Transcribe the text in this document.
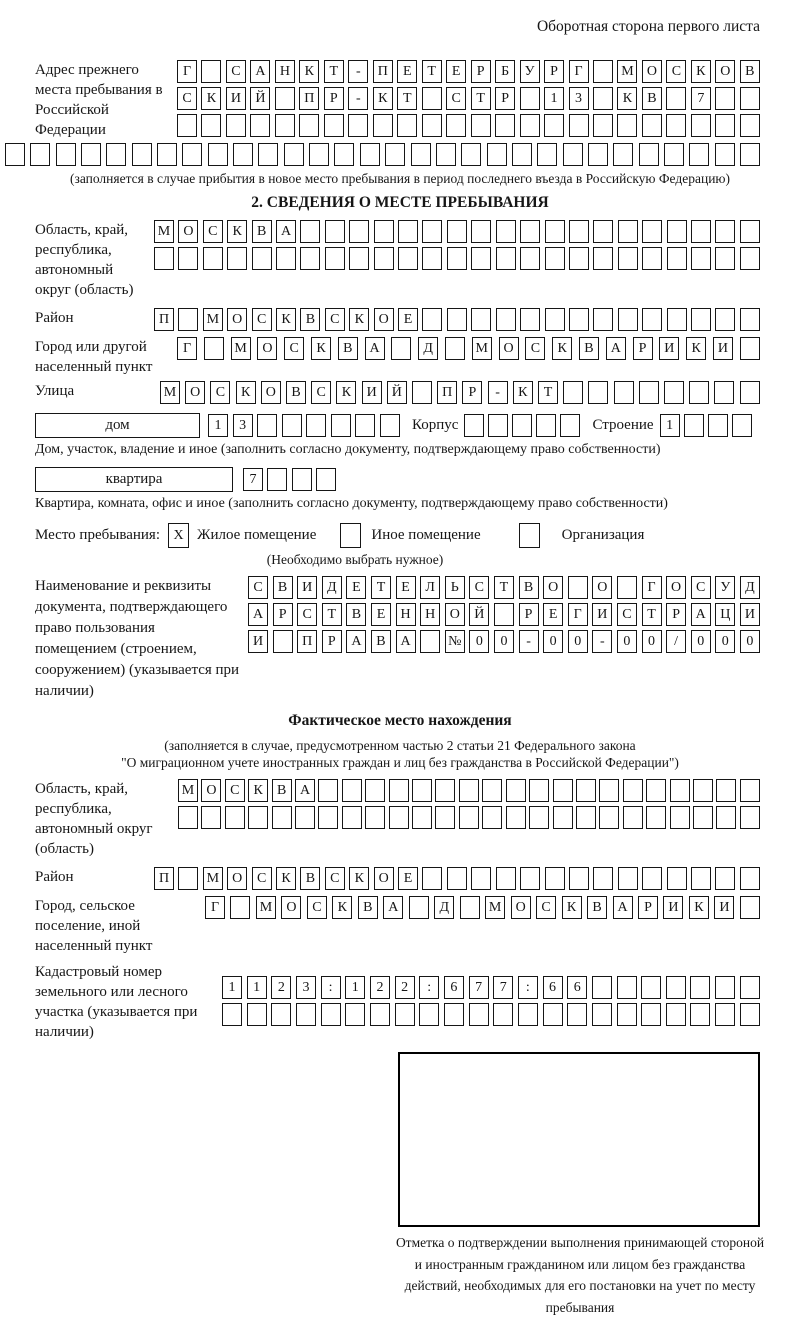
Оборотная сторона первого листа
Адрес прежнего места пребывания в Российской Федерации
Г	С	А	Н	К	Т	-	П	Е	Т	Е	Р	Б	У	Р	Г	М О	С	К	О	В
С	К	И	Й	П	Р	-	К	Т	С	Т	Р	1	3	К	В	7
(заполняется в случае прибытия в новое место пребывания в период последнего въезда в Российскую Федерацию)
2. СВЕДЕНИЯ О МЕСТЕ ПРЕБЫВАНИЯ
Область, край, республика, автономный округ (область)
М О	С	К	В	А
Район	П	М О	С	К	В	С	К	О	Е
Город или другой населенный пункт
Г	М	О	С	К	В	А	Д	М	О	С	К	В	А	Р	И	К	И
Улица	М О	С	К	О	В	С	К	И	Й	П	Р	-	К	Т
дом	1	3	Корпус	Строение 1
Дом, участок, владение и иное (заполнить согласно документу, подтверждающему право собственности)
квартира	7
Квартира, комната, офис и иное (заполнить согласно документу, подтверждающему право собственности)
Место пребывания: X Жилое помещение	Иное помещение	Организация
(Необходимо выбрать нужное)
Наименование и реквизиты документа, подтверждающего право пользования помещением (строением, сооружением) (указывается при наличии)
С	В	И	Д	Е	Т	Е	Л	Ь	С	Т	В	О	О	Г	О	С	У	Д
А	Р	С	Т	В	Е	Н	Н	О	Й	Р	Е	Г	И	С	Т	Р	А	Ц	И
И	П	Р	А	В	А	№	0	0	-	0	0	-	0	0	/	0	0	0
Фактическое место нахождения
(заполняется в случае, предусмотренном частью 2 статьи 21 Федерального закона
"О миграционном учете иностранных граждан и лиц без гражданства в Российской Федерации")
Область, край, республика, автономный округ (область)
М О С	К	В А
Район	П	М О	С	К	В	С	К	О	Е
Город, сельское поселение, иной населенный пункт
Г	М	О	С	К	В	А	Д	М	О	С	К	В	А	Р	И	К	И
Кадастровый номер земельного или лесного участка (указывается при наличии)
1	1	2	3	:	1	2	2	:	6	7	7	:	6	6
Отметка о подтверждении выполнения принимающей стороной и иностранным гражданином или лицом без гражданства действий, необходимых для его постановки на учет по месту пребывания
